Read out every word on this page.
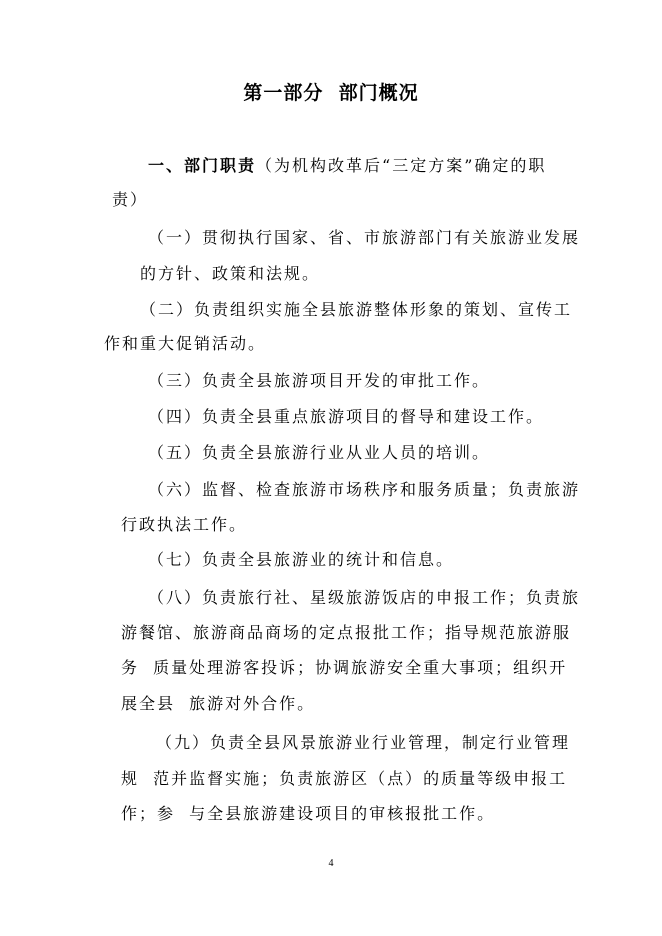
第一部分  部门概况
一、部门职责（为机构改革后“三定方案”确定的职
责）
（一）贯彻执行国家、省、市旅游部门有关旅游业发展
的方针、政策和法规。
（二）负责组织实施全县旅游整体形象的策划、宣传工
作和重大促销活动。
（三）负责全县旅游项目开发的审批工作。
（四）负责全县重点旅游项目的督导和建设工作。
（五）负责全县旅游行业从业人员的培训。
（六）监督、检查旅游市场秩序和服务质量；负责旅游
行政执法工作。
（七）负责全县旅游业的统计和信息。
（八）负责旅行社、星级旅游饭店的申报工作；负责旅
游餐馆、旅游商品商场的定点报批工作；指导规范旅游服
务  质量处理游客投诉；协调旅游安全重大事项；组织开
展全县  旅游对外合作。
（九）负责全县风景旅游业行业管理，制定行业管理
规  范并监督实施；负责旅游区（点）的质量等级申报工
作；参  与全县旅游建设项目的审核报批工作。
4
